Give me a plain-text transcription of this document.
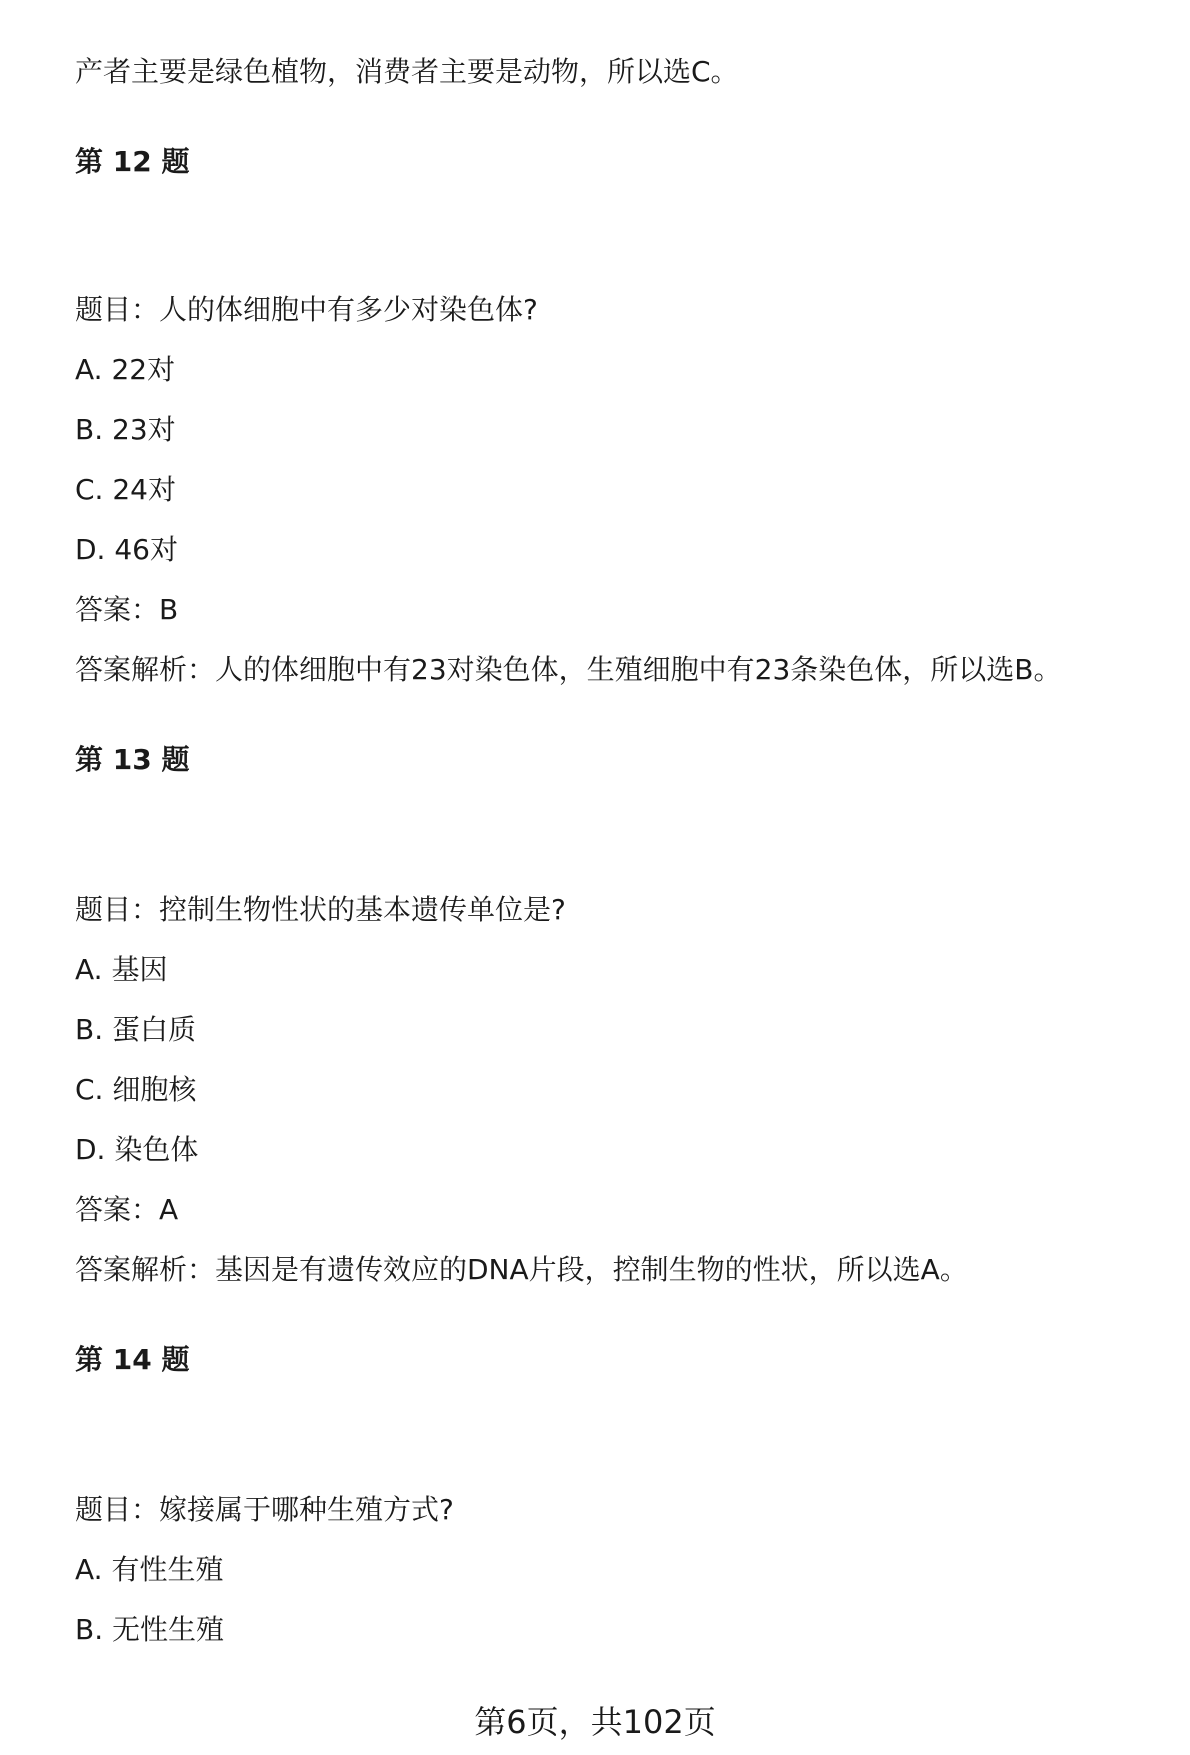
产者主要是绿色植物，消费者主要是动物，所以选C。
第 12 题
题目：人的体细胞中有多少对染色体?
A. 22对
B. 23对
C. 24对
D. 46对
答案：B
答案解析：人的体细胞中有23对染色体，生殖细胞中有23条染色体，所以选B。
第 13 题
题目：控制生物性状的基本遗传单位是?
A. 基因
B. 蛋白质
C. 细胞核
D. 染色体
答案：A
答案解析：基因是有遗传效应的DNA片段，控制生物的性状，所以选A。
第 14 题
题目：嫁接属于哪种生殖方式?
A. 有性生殖
B. 无性生殖
第6页，共102页
